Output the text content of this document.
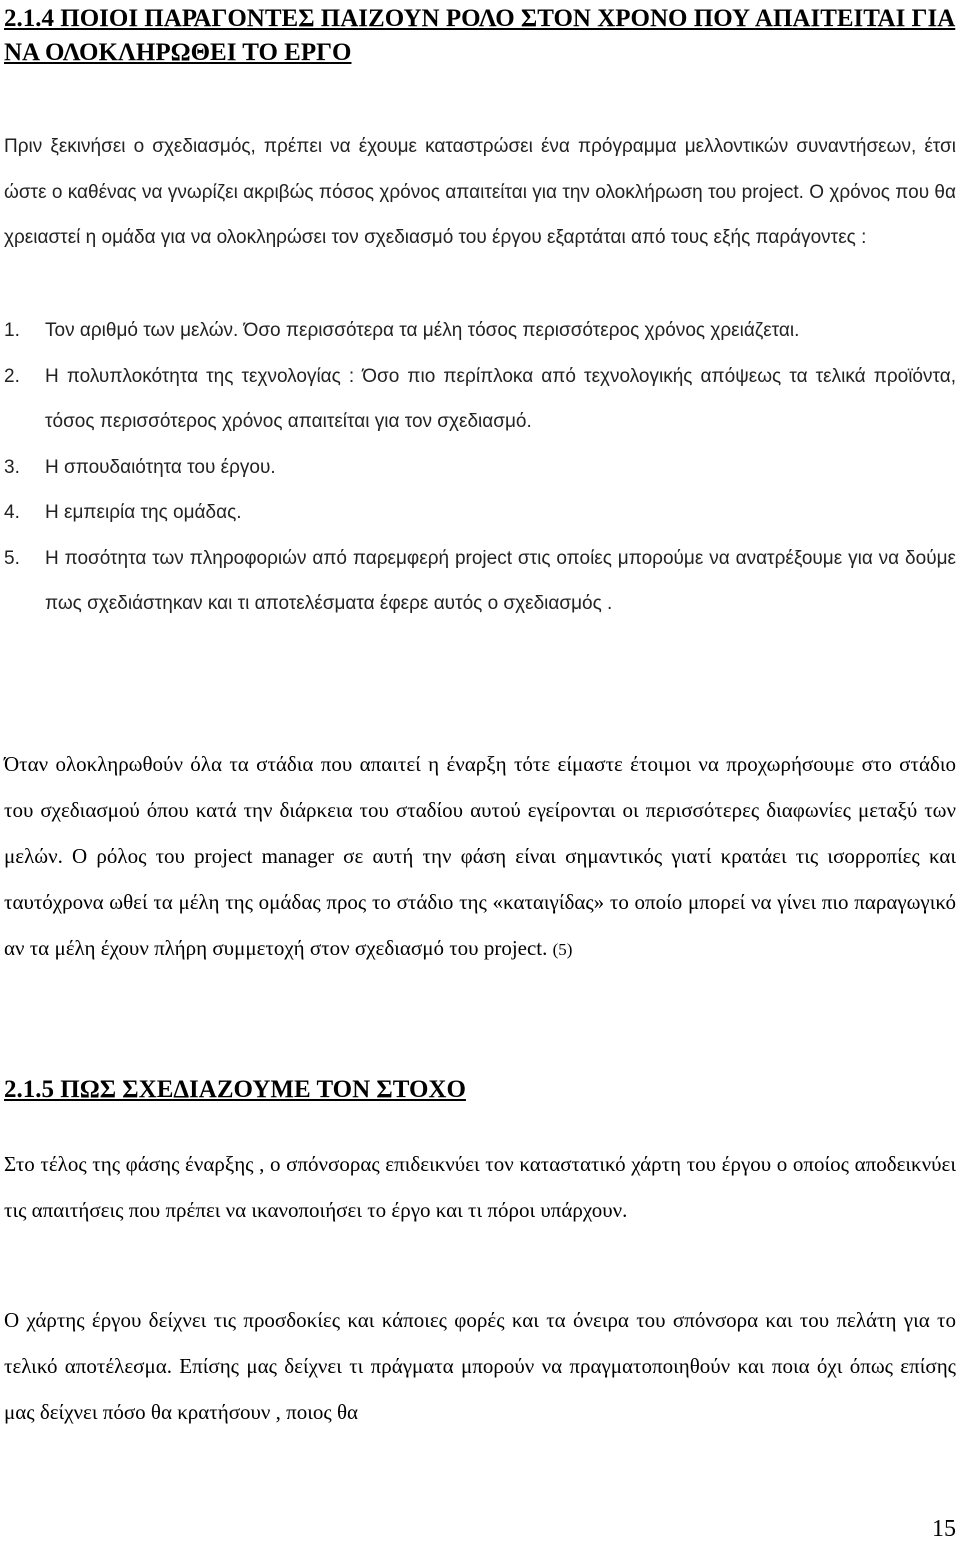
2.1.4 ΠΟΙΟΙ ΠΑΡΑΓΟΝΤΕΣ ΠΑΙΖΟΥΝ ΡΟΛΟ ΣΤΟΝ ΧΡΟΝΟ ΠΟΥ ΑΠΑΙΤΕΙΤΑΙ ΓΙΑ ΝΑ ΟΛΟΚΛΗΡΩΘΕΙ ΤΟ ΕΡΓΟ

Πριν ξεκινήσει ο σχεδιασμός, πρέπει να έχουμε καταστρώσει ένα πρόγραμμα μελλοντικών συναντήσεων, έτσι ώστε ο καθένας να γνωρίζει ακριβώς πόσος χρόνος απαιτείται για την ολοκλήρωση του project. Ο χρόνος που θα χρειαστεί η ομάδα για να ολοκληρώσει τον σχεδιασμό του έργου εξαρτάται από τους εξής παράγοντες :

1. Τον αριθμό των μελών. Όσο περισσότερα τα μέλη τόσος περισσότερος χρόνος χρειάζεται.
2. Η πολυπλοκότητα της τεχνολογίας : Όσο πιο περίπλοκα από τεχνολογικής απόψεως τα τελικά προϊόντα, τόσος περισσότερος χρόνος απαιτείται για τον σχεδιασμό.
3. Η σπουδαιότητα του έργου.
4. Η εμπειρία της ομάδας.
5. Η ποσότητα των πληροφοριών από παρεμφερή project στις οποίες μπορούμε να ανατρέξουμε για να δούμε πως σχεδιάστηκαν και τι αποτελέσματα έφερε αυτός ο σχεδιασμός .

Όταν ολοκληρωθούν όλα τα στάδια που απαιτεί η έναρξη τότε είμαστε έτοιμοι να προχωρήσουμε στο στάδιο του σχεδιασμού όπου κατά την διάρκεια του σταδίου αυτού εγείρονται οι περισσότερες διαφωνίες μεταξύ των μελών. Ο ρόλος του project manager σε αυτή την φάση είναι σημαντικός γιατί κρατάει τις ισορροπίες και ταυτόχρονα ωθεί τα μέλη της ομάδας προς το στάδιο της «καταιγίδας» το οποίο μπορεί να γίνει πιο παραγωγικό αν τα μέλη έχουν πλήρη συμμετοχή στον σχεδιασμό του project. (5)

2.1.5 ΠΩΣ ΣΧΕΔΙΑΖΟΥΜΕ ΤΟΝ ΣΤΟΧΟ

Στο τέλος της φάσης έναρξης , ο σπόνσορας επιδεικνύει τον καταστατικό χάρτη του έργου ο οποίος αποδεικνύει τις απαιτήσεις που πρέπει να ικανοποιήσει το έργο και τι πόροι υπάρχουν.

Ο χάρτης έργου δείχνει τις προσδοκίες και κάποιες φορές και τα όνειρα του σπόνσορα και του πελάτη για το τελικό αποτέλεσμα. Επίσης μας δείχνει τι πράγματα μπορούν να πραγματοποιηθούν και ποια όχι όπως επίσης μας δείχνει πόσο θα κρατήσουν , ποιος θα

15
